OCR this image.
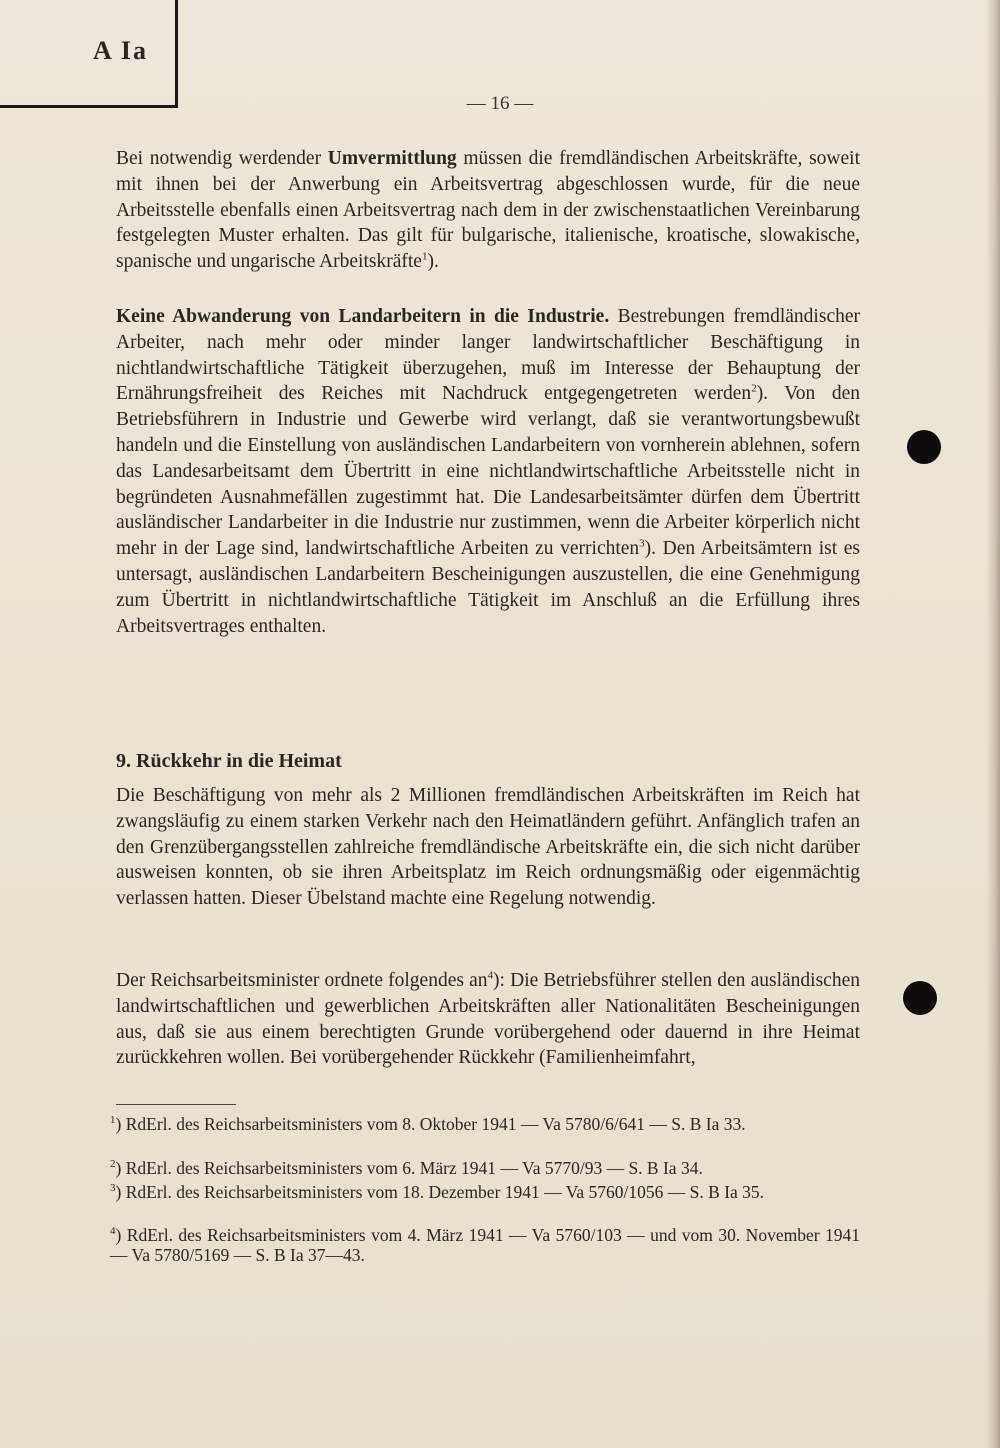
A Ia
— 16 —

Bei notwendig werdender Umvermittlung müssen die fremdländischen Arbeitskräfte, soweit mit ihnen bei der Anwerbung ein Arbeitsvertrag abgeschlossen wurde, für die neue Arbeitsstelle ebenfalls einen Arbeitsvertrag nach dem in der zwischenstaatlichen Vereinbarung festgelegten Muster erhalten. Das gilt für bulgarische, italienische, kroatische, slowakische, spanische und ungarische Arbeitskräfte$^1$).

Keine Abwanderung von Landarbeitern in die Industrie. Bestrebungen fremdländischer Arbeiter, nach mehr oder minder langer landwirtschaftlicher Beschäftigung in nichtlandwirtschaftliche Tätigkeit überzugehen, muß im Interesse der Behauptung der Ernährungsfreiheit des Reiches mit Nachdruck entgegengetreten werden$^2$). Von den Betriebsführern in Industrie und Gewerbe wird verlangt, daß sie verantwortungsbewußt handeln und die Einstellung von ausländischen Landarbeitern von vornherein ablehnen, sofern das Landesarbeitsamt dem Übertritt in eine nichtlandwirtschaftliche Arbeitsstelle nicht in begründeten Ausnahmefällen zugestimmt hat. Die Landesarbeitsämter dürfen dem Übertritt ausländischer Landarbeiter in die Industrie nur zustimmen, wenn die Arbeiter körperlich nicht mehr in der Lage sind, landwirtschaftliche Arbeiten zu verrichten$^3$). Den Arbeitsämtern ist es untersagt, ausländischen Landarbeitern Bescheinigungen auszustellen, die eine Genehmigung zum Übertritt in nichtlandwirtschaftliche Tätigkeit im Anschluß an die Erfüllung ihres Arbeitsvertrages enthalten.

9. Rückkehr in die Heimat

Die Beschäftigung von mehr als 2 Millionen fremdländischen Arbeitskräften im Reich hat zwangsläufig zu einem starken Verkehr nach den Heimatländern geführt. Anfänglich trafen an den Grenzübergangsstellen zahlreiche fremdländische Arbeitskräfte ein, die sich nicht darüber ausweisen konnten, ob sie ihren Arbeitsplatz im Reich ordnungsmäßig oder eigenmächtig verlassen hatten. Dieser Übelstand machte eine Regelung notwendig.

Der Reichsarbeitsminister ordnete folgendes $an^4$): Die Betriebsführer stellen den ausländischen landwirtschaftlichen und gewerblichen Arbeitskräften aller Nationalitäten Bescheinigungen aus, daß sie aus einem berechtigten Grunde vorübergehend oder dauernd in ihre Heimat zurückkehren wollen. Bei vorübergehender Rückkehr (Familienheimfahrt,

$^1$) RdErl. des Reichsarbeitsministers vom 8. Oktober 1941 — Va 5780/6/641 — S. B Ia 33.
$^2$) RdErl. des Reichsarbeitsministers vom 6. März 1941 — Va 5770/93 — S. B Ia 34.
$^3$) RdErl. des Reichsarbeitsministers vom 18. Dezember 1941 — Va 5760/1056 — S. B Ia 35.
$^4$) RdErl. des Reichsarbeitsministers vom 4. März 1941 — Va 5760/103 — und vom 30. November 1941 — Va 5780/5169 — S. B Ia 37—43.
